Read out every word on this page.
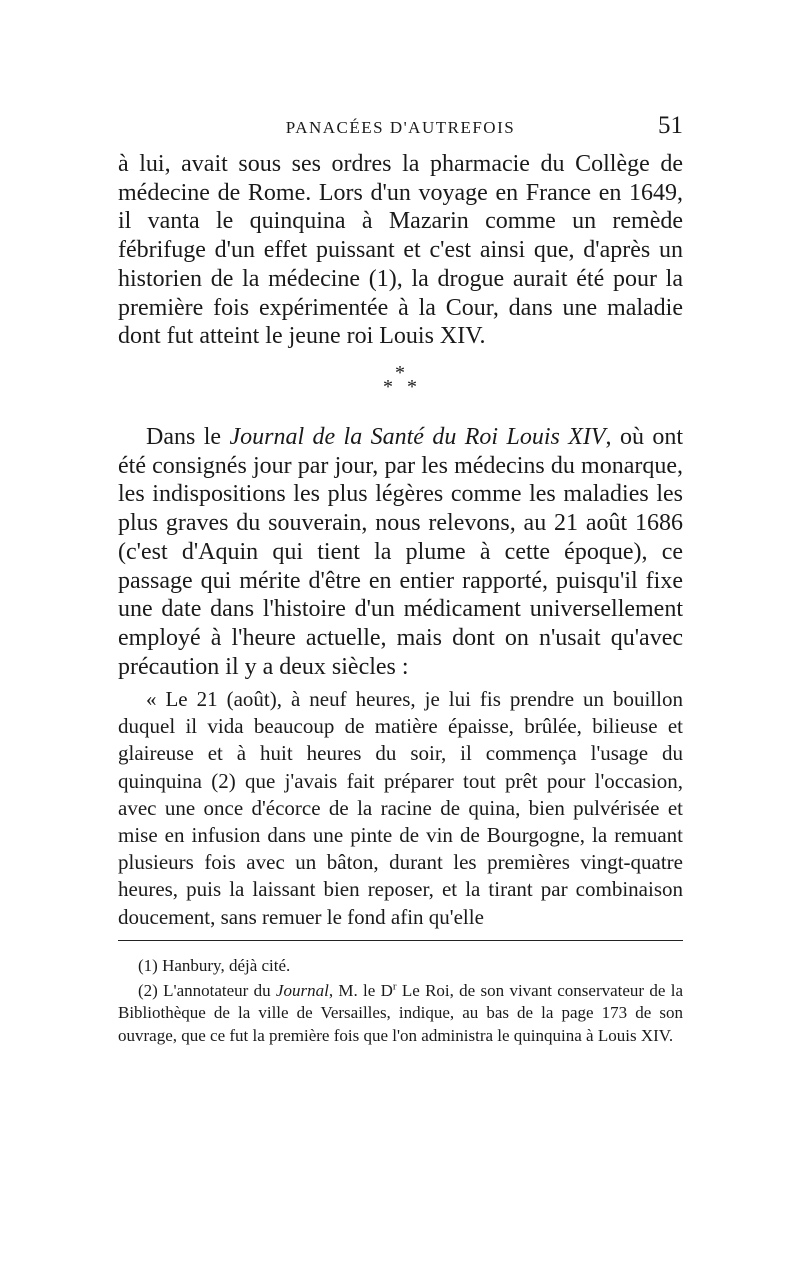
PANACÉES D'AUTREFOIS	51
à lui, avait sous ses ordres la pharmacie du Collège de médecine de Rome. Lors d'un voyage en France en 1649, il vanta le quinquina à Mazarin comme un remède fébrifuge d'un effet puissant et c'est ainsi que, d'après un historien de la médecine (1), la drogue aurait été pour la première fois expérimentée à la Cour, dans une maladie dont fut atteint le jeune roi Louis XIV.
*
* *
Dans le Journal de la Santé du Roi Louis XIV, où ont été consignés jour par jour, par les médecins du monarque, les indispositions les plus légères comme les maladies les plus graves du souverain, nous relevons, au 21 août 1686 (c'est d'Aquin qui tient la plume à cette époque), ce passage qui mérite d'être en entier rapporté, puisqu'il fixe une date dans l'histoire d'un médicament universellement employé à l'heure actuelle, mais dont on n'usait qu'avec précaution il y a deux siècles :
« Le 21 (août), à neuf heures, je lui fis prendre un bouillon duquel il vida beaucoup de matière épaisse, brûlée, bilieuse et glaireuse et à huit heures du soir, il commença l'usage du quinquina (2) que j'avais fait préparer tout prêt pour l'occasion, avec une once d'écorce de la racine de quina, bien pulvérisée et mise en infusion dans une pinte de vin de Bourgogne, la remuant plusieurs fois avec un bâton, durant les premières vingt-quatre heures, puis la laissant bien reposer, et la tirant par combinaison doucement, sans remuer le fond afin qu'elle

(1) Hanbury, déjà cité.

(2) L'annotateur du Journal, M. le $D^r$ Le Roi, de son vivant conservateur de la Bibliothèque de la ville de Versailles, indique, au bas de la page 173 de son ouvrage, que ce fut la première fois que l'on administra le quinquina à Louis XIV.
